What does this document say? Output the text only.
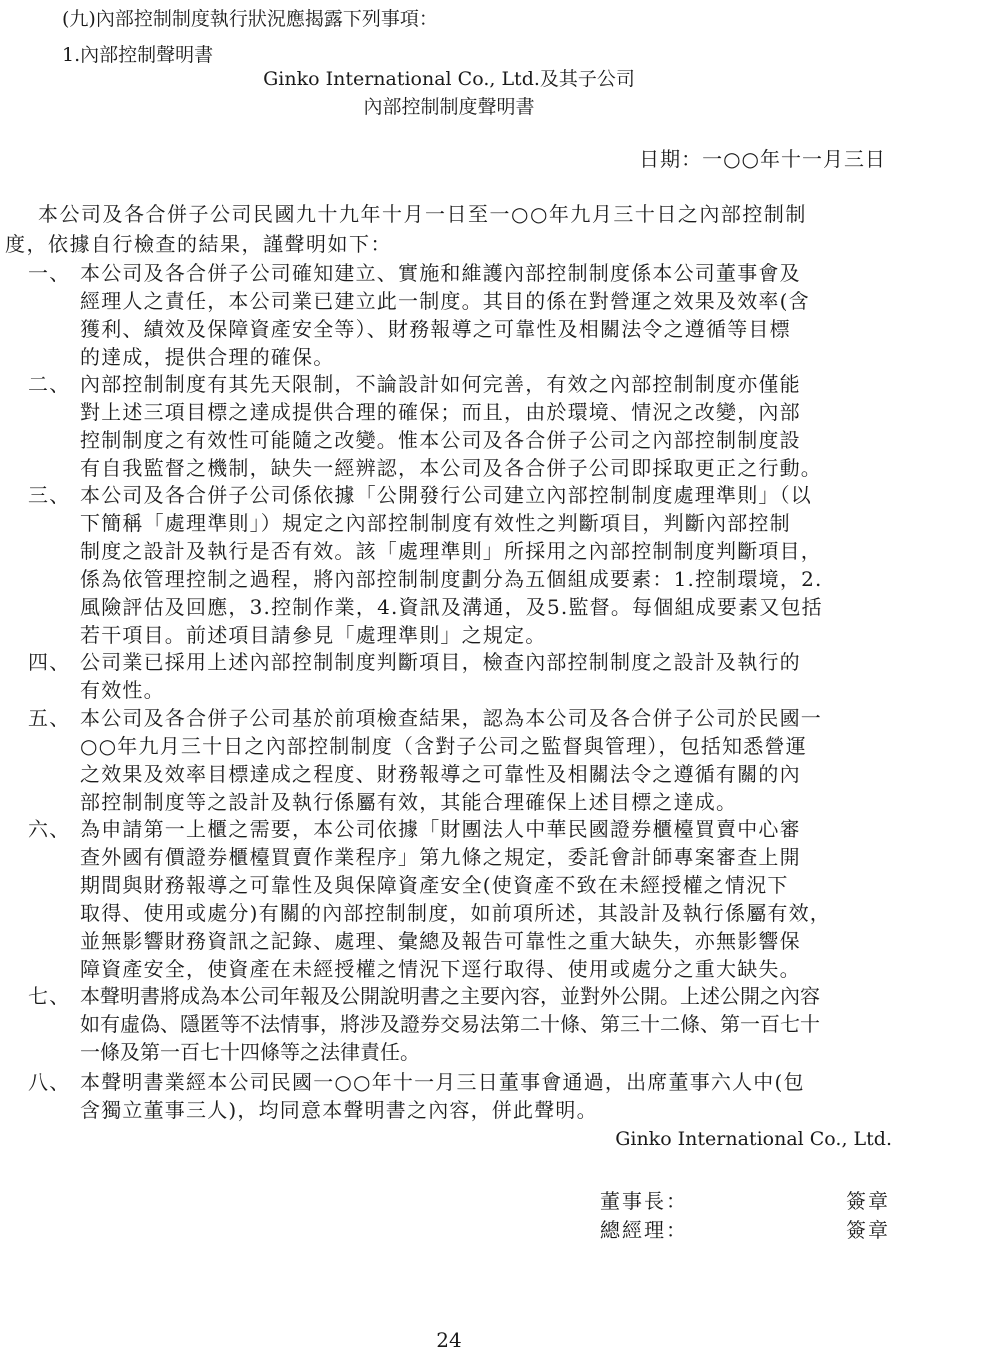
(九)內部控制制度執行狀況應揭露下列事項：
1.內部控制聲明書
Ginko International Co., Ltd.及其子公司
內部控制制度聲明書
日期：一○○年十一月三日
本公司及各合併子公司民國九十九年十月一日至一○○年九月三十日之內部控制制
度，依據自行檢查的結果，謹聲明如下：
一、 本公司及各合併子公司確知建立、實施和維護內部控制制度係本公司董事會及
經理人之責任，本公司業已建立此一制度。其目的係在對營運之效果及效率(含
獲利、績效及保障資產安全等）、財務報導之可靠性及相關法令之遵循等目標
的達成，提供合理的確保。
二、 內部控制制度有其先天限制，不論設計如何完善，有效之內部控制制度亦僅能
對上述三項目標之達成提供合理的確保；而且，由於環境、情況之改變，內部
控制制度之有效性可能隨之改變。惟本公司及各合併子公司之內部控制制度設
有自我監督之機制，缺失一經辨認，本公司及各合併子公司即採取更正之行動。
三、 本公司及各合併子公司係依據「公開發行公司建立內部控制制度處理準則」（以
下簡稱「處理準則」）規定之內部控制制度有效性之判斷項目，判斷內部控制
制度之設計及執行是否有效。該「處理準則」所採用之內部控制制度判斷項目，
係為依管理控制之過程，將內部控制制度劃分為五個組成要素：1.控制環境，2.
風險評估及回應，3.控制作業，4.資訊及溝通，及5.監督。每個組成要素又包括
若干項目。前述項目請參見「處理準則」之規定。
四、 公司業已採用上述內部控制制度判斷項目，檢查內部控制制度之設計及執行的
有效性。
五、 本公司及各合併子公司基於前項檢查結果，認為本公司及各合併子公司於民國一
○○年九月三十日之內部控制制度（含對子公司之監督與管理），包括知悉營運
之效果及效率目標達成之程度、財務報導之可靠性及相關法令之遵循有關的內
部控制制度等之設計及執行係屬有效，其能合理確保上述目標之達成。
六、 為申請第一上櫃之需要，本公司依據「財團法人中華民國證券櫃檯買賣中心審
查外國有價證券櫃檯買賣作業程序」第九條之規定，委託會計師專案審查上開
期間與財務報導之可靠性及與保障資產安全(使資產不致在未經授權之情況下
取得、使用或處分)有關的內部控制制度，如前項所述，其設計及執行係屬有效，
並無影響財務資訊之記錄、處理、彙總及報告可靠性之重大缺失，亦無影響保
障資產安全，使資產在未經授權之情況下逕行取得、使用或處分之重大缺失。
七、 本聲明書將成為本公司年報及公開說明書之主要內容，並對外公開。上述公開之內容
如有虛偽、隱匿等不法情事，將涉及證券交易法第二十條、第三十二條、第一百七十
一條及第一百七十四條等之法律責任。
八、 本聲明書業經本公司民國一○○年十一月三日董事會通過，出席董事六人中(包
含獨立董事三人)，均同意本聲明書之內容，併此聲明。
Ginko International Co., Ltd.
董事長：	簽章
總經理：	簽章
24
